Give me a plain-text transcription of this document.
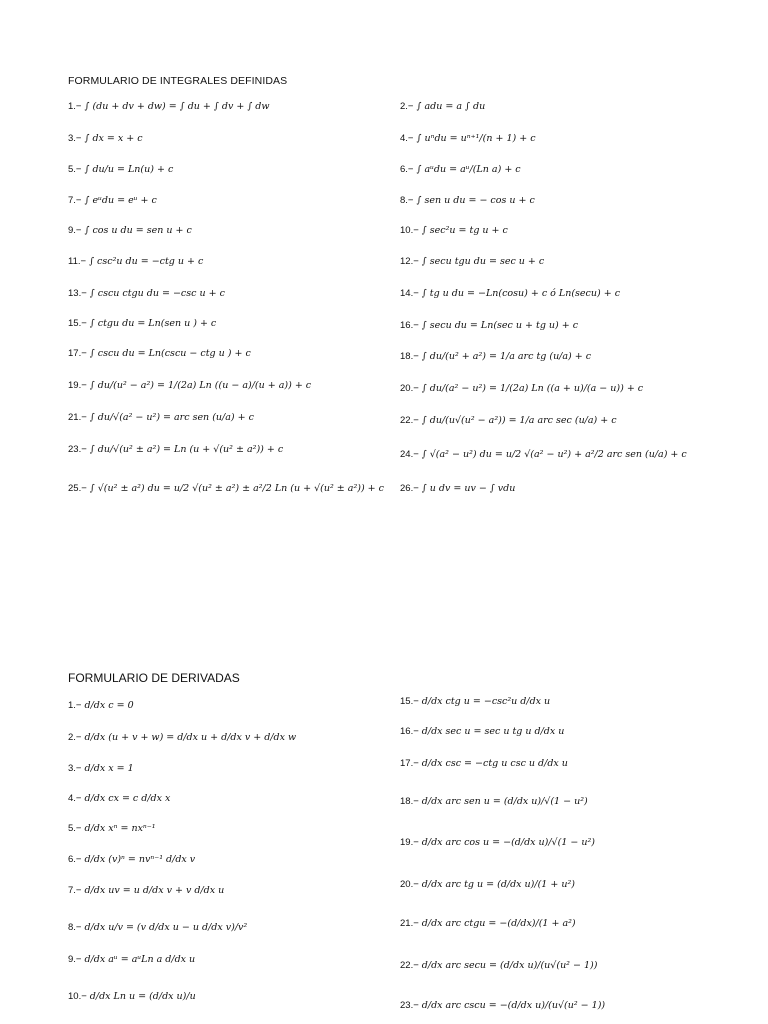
FORMULARIO DE INTEGRALES DEFINIDAS
FORMULARIO DE DERIVADAS
1.− ∫ (du + dv + dw) = ∫ du + ∫ dv + ∫ dw
3.− ∫ dx = x + c
5.− ∫ du/u = Ln(u) + c
7.− ∫ eᵘdu = eᵘ + c
9.− ∫ cos u du = sen u + c
11.− ∫ csc²u du = −ctg u + c
13.− ∫ cscu ctgu du = −csc u + c
15.− ∫ ctgu du = Ln(sen u ) + c
17.− ∫ cscu du = Ln(cscu − ctg u ) + c
19.− ∫ du/(u² − a²) = 1/(2a) Ln ((u − a)/(u + a)) + c
21.− ∫ du/√(a² − u²) = arc sen (u/a) + c
23.− ∫ du/√(u² ± a²) = Ln (u + √(u² ± a²)) + c
25.− ∫ √(u² ± a²) du = u/2 √(u² ± a²) ± a²/2 Ln (u + √(u² ± a²)) + c
2.− ∫ adu = a ∫ du
4.− ∫ uⁿdu = uⁿ⁺¹/(n + 1) + c
6.− ∫ aᵘdu = aᵘ/(Ln a) + c
8.− ∫ sen u du = − cos u + c
10.− ∫ sec²u = tg u + c
12.− ∫ secu tgu du = sec u + c
14.− ∫ tg u du = −Ln(cosu) + c ó Ln(secu) + c
16.− ∫ secu du = Ln(sec u + tg u) + c
18.− ∫ du/(u² + a²) = 1/a arc tg (u/a) + c
20.− ∫ du/(a² − u²) = 1/(2a) Ln ((a + u)/(a − u)) + c
22.− ∫ du/(u√(u² − a²)) = 1/a arc sec (u/a) + c
24.− ∫ √(a² − u²) du = u/2 √(a² − u²) + a²/2 arc sen (u/a) + c
26.− ∫ u dv = uv − ∫ vdu
1.− d/dx c = 0
2.− d/dx (u + v + w) = d/dx u + d/dx v + d/dx w
3.− d/dx x = 1
4.− d/dx cx = c d/dx x
5.− d/dx xⁿ = nxⁿ⁻¹
6.− d/dx (v)ⁿ = nvⁿ⁻¹ d/dx v
7.− d/dx uv = u d/dx v + v d/dx u
8.− d/dx u/v = (v d/dx u − u d/dx v)/v²
9.− d/dx aᵘ = aᵘLn a d/dx u
10.− d/dx Ln u = (d/dx u)/u
15.− d/dx ctg u = −csc²u d/dx u
16.− d/dx sec u = sec u tg u d/dx u
17.− d/dx csc = −ctg u csc u d/dx u
18.− d/dx arc sen u = (d/dx u)/√(1 − u²)
19.− d/dx arc cos u = −(d/dx u)/√(1 − u²)
20.− d/dx arc tg u = (d/dx u)/(1 + u²)
21.− d/dx arc ctgu = −(d/dx)/(1 + a²)
22.− d/dx arc secu = (d/dx u)/(u√(u² − 1))
23.− d/dx arc cscu = −(d/dx u)/(u√(u² − 1))
